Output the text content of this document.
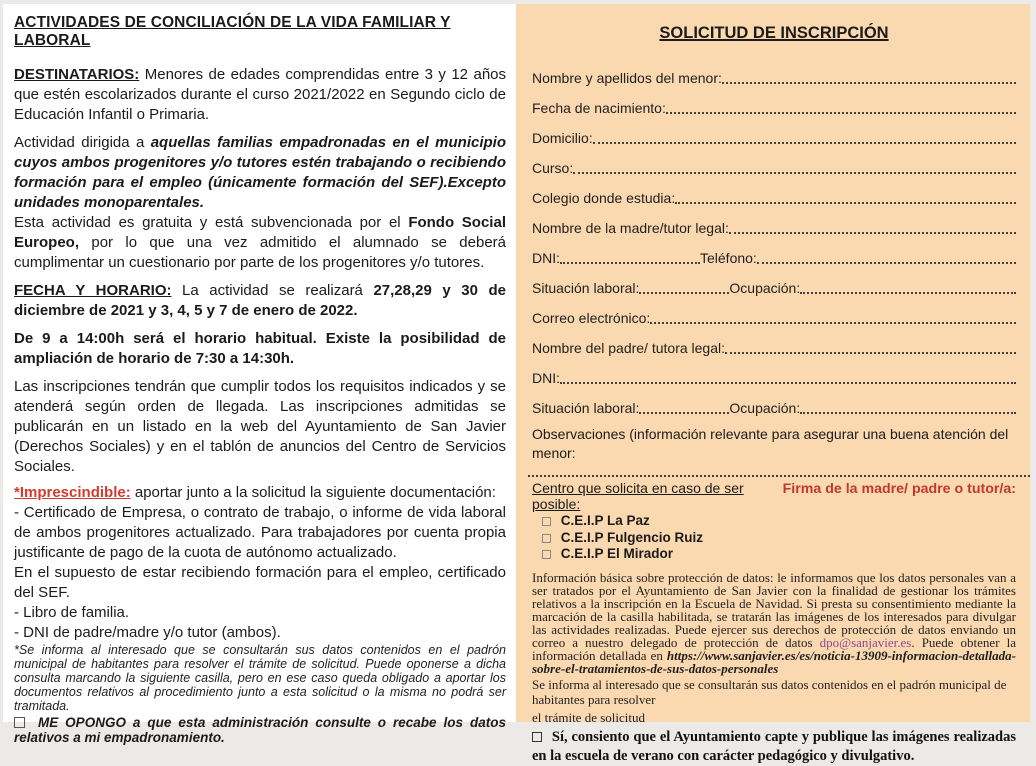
ACTIVIDADES DE CONCILIACIÓN DE LA VIDA FAMILIAR Y LABORAL

DESTINATARIOS: Menores de edades comprendidas entre 3 y 12 años que estén escolarizados durante el curso 2021/2022 en Segundo ciclo de Educación Infantil o Primaria.

Actividad dirigida a aquellas familias empadronadas en el municipio cuyos ambos progenitores y/o tutores estén trabajando o recibiendo formación para el empleo (únicamente formación del SEF).Excepto unidades monoparentales.

Esta actividad es gratuita y está subvencionada por el Fondo Social Europeo, por lo que una vez admitido el alumnado se deberá cumplimentar un cuestionario por parte de los progenitores y/o tutores.

FECHA Y HORARIO: La actividad se realizará 27,28,29 y 30 de diciembre de 2021 y 3, 4, 5 y 7 de enero de 2022.

De 9 a 14:00h será el horario habitual. Existe la posibilidad de ampliación de horario de 7:30 a 14:30h.

Las inscripciones tendrán que cumplir todos los requisitos indicados y se atenderá según orden de llegada. Las inscripciones admitidas se publicarán en un listado en la web del Ayuntamiento de San Javier (Derechos Sociales) y en el tablón de anuncios del Centro de Servicios Sociales.

*Imprescindible: aportar junto a la solicitud la siguiente documentación:

- Certificado de Empresa, o contrato de trabajo, o informe de vida laboral de ambos progenitores actualizado. Para trabajadores por cuenta propia justificante de pago de la cuota de autónomo actualizado.

En el supuesto de estar recibiendo formación para el empleo, certificado del SEF.

- Libro de familia.

- DNI de padre/madre y/o tutor (ambos).

*Se informa al interesado que se consultarán sus datos contenidos en el padrón municipal de habitantes para resolver el trámite de solicitud. Puede oponerse a dicha consulta marcando la siguiente casilla, pero en ese caso queda obligado a aportar los documentos relativos al procedimiento junto a esta solicitud o la misma no podrá ser tramitada.

ME OPONGO a que esta administración consulte o recabe los datos relativos a mi empadronamiento.

SOLICITUD DE INSCRIPCIÓN
Nombre y apellidos del menor:
Fecha de nacimiento:
Domicilio:
Curso:
Colegio donde estudia:
Nombre de la madre/tutor legal:
DNI:	Teléfono:
Situación laboral:	Ocupación:
Correo electrónico:
Nombre del padre/ tutora legal:
DNI:
Situación laboral:	Ocupación:
Observaciones (información relevante para asegurar una buena atención del menor:
Centro que solicita en caso de ser posible:
Firma de la madre/ padre o tutor/a:
C.E.I.P La Paz
C.E.I.P Fulgencio Ruiz
C.E.I.P El Mirador
Información básica sobre protección de datos: le informamos que los datos personales van a ser tratados por el Ayuntamiento de San Javier con la finalidad de gestionar los trámites relativos a la inscripción en la Escuela de Navidad. Si presta su consentimiento mediante la marcación de la casilla habilitada, se tratarán las imágenes de los interesados para divulgar las actividades realizadas. Puede ejercer sus derechos de protección de datos enviando un correo a nuestro delegado de protección de datos dpo@sanjavier.es. Puede obtener la información detallada en https://www.sanjavier.es/es/noticia-13909-informacion-detallada-sobre-el-tratamientos-de-sus-datos-personales
Se informa al interesado que se consultarán sus datos contenidos en el padrón municipal de habitantes para resolver
el trámite de solicitud
Sí, consiento que el Ayuntamiento capte y publique las imágenes realizadas en la escuela de verano con carácter pedagógico y divulgativo.
